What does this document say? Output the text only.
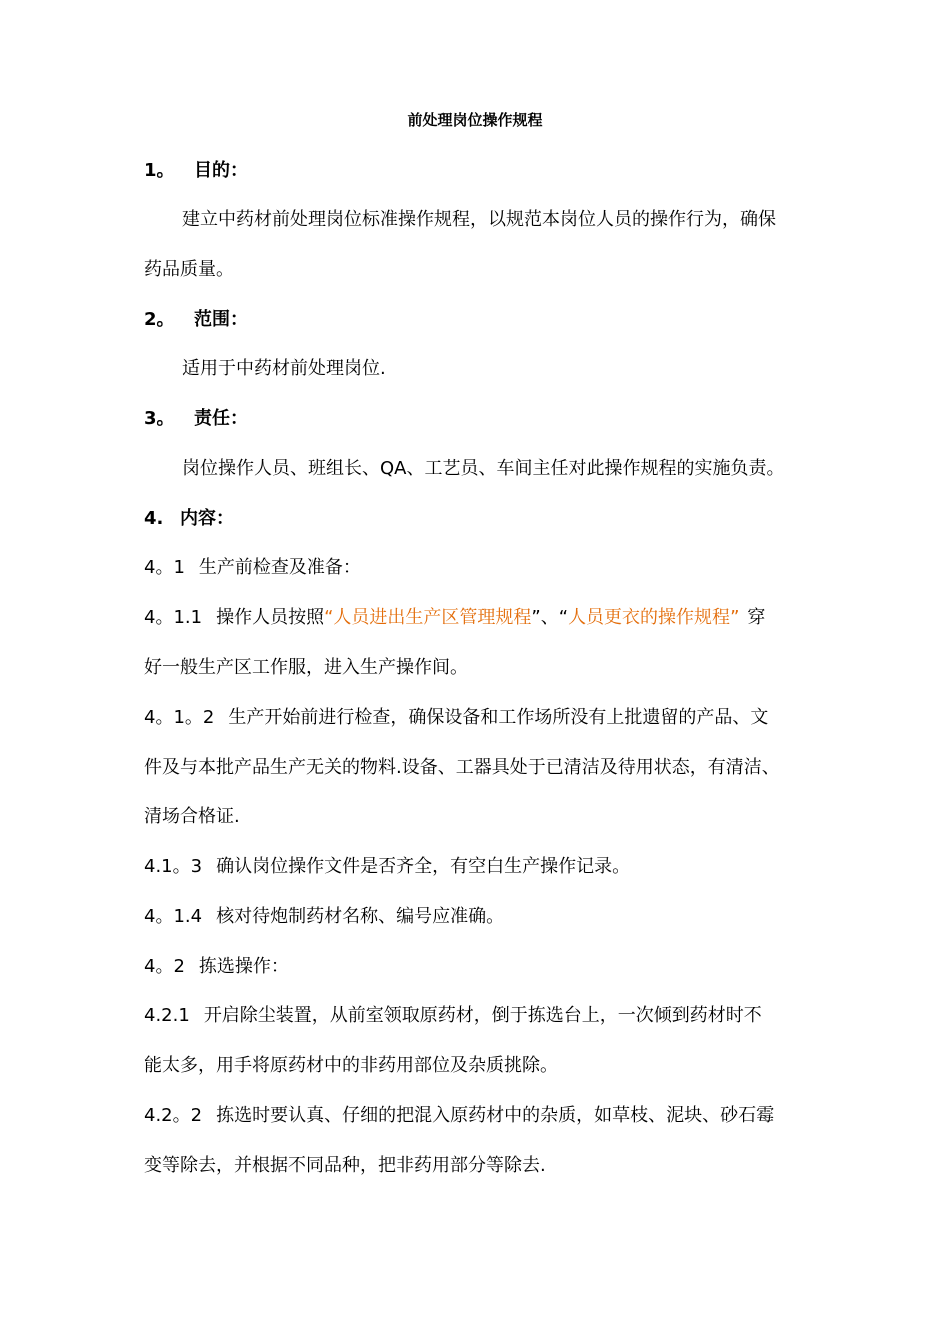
前处理岗位操作规程
1。 目的：
建立中药材前处理岗位标准操作规程，以规范本岗位人员的操作行为，确保
药品质量。
2。 范围：
适用于中药材前处理岗位.
3。 责任：
岗位操作人员、班组长、QA、工艺员、车间主任对此操作规程的实施负责。
4. 内容：
4。1 生产前检查及准备：
4。1.1 操作人员按照“人员进出生产区管理规程”、“人员更衣的操作规程” 穿
好一般生产区工作服，进入生产操作间。
4。1。2 生产开始前进行检查，确保设备和工作场所没有上批遗留的产品、文
件及与本批产品生产无关的物料.设备、工器具处于已清洁及待用状态，有清洁、
清场合格证.
4.1。3 确认岗位操作文件是否齐全，有空白生产操作记录。
4。1.4 核对待炮制药材名称、编号应准确。
4。2 拣选操作：
4.2.1 开启除尘装置，从前室领取原药材，倒于拣选台上，一次倾到药材时不
能太多，用手将原药材中的非药用部位及杂质挑除。
4.2。2 拣选时要认真、仔细的把混入原药材中的杂质，如草枝、泥块、砂石霉
变等除去，并根据不同品种，把非药用部分等除去.
